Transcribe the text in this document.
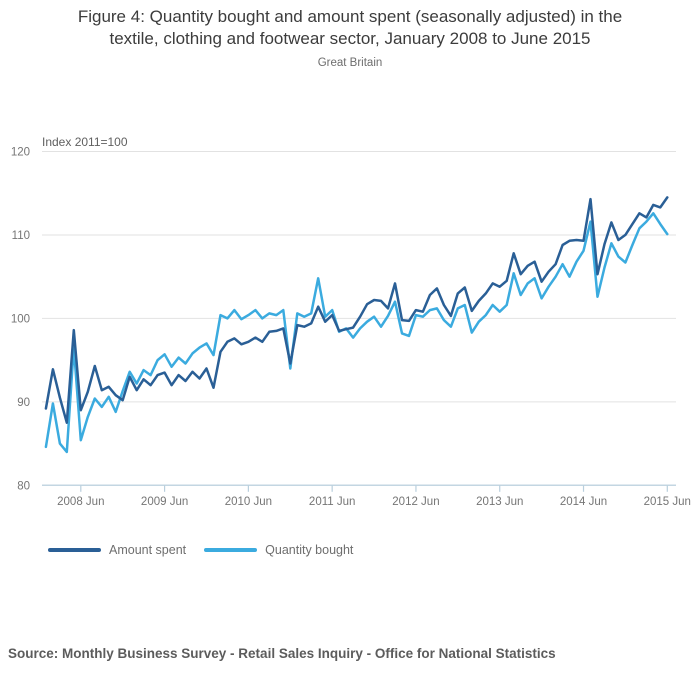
Figure 4: Quantity bought and amount spent (seasonally adjusted) in the
textile, clothing and footwear sector, January 2008 to June 2015
Great Britain
Index 2011=100
80
90
100
110
120
2008 Jun	2009 Jun	2010 Jun	2011 Jun	2012 Jun	2013 Jun	2014 Jun	2015 Jun
Amount spent	Quantity bought
Source: Monthly Business Survey - Retail Sales Inquiry - Office for National Statistics
